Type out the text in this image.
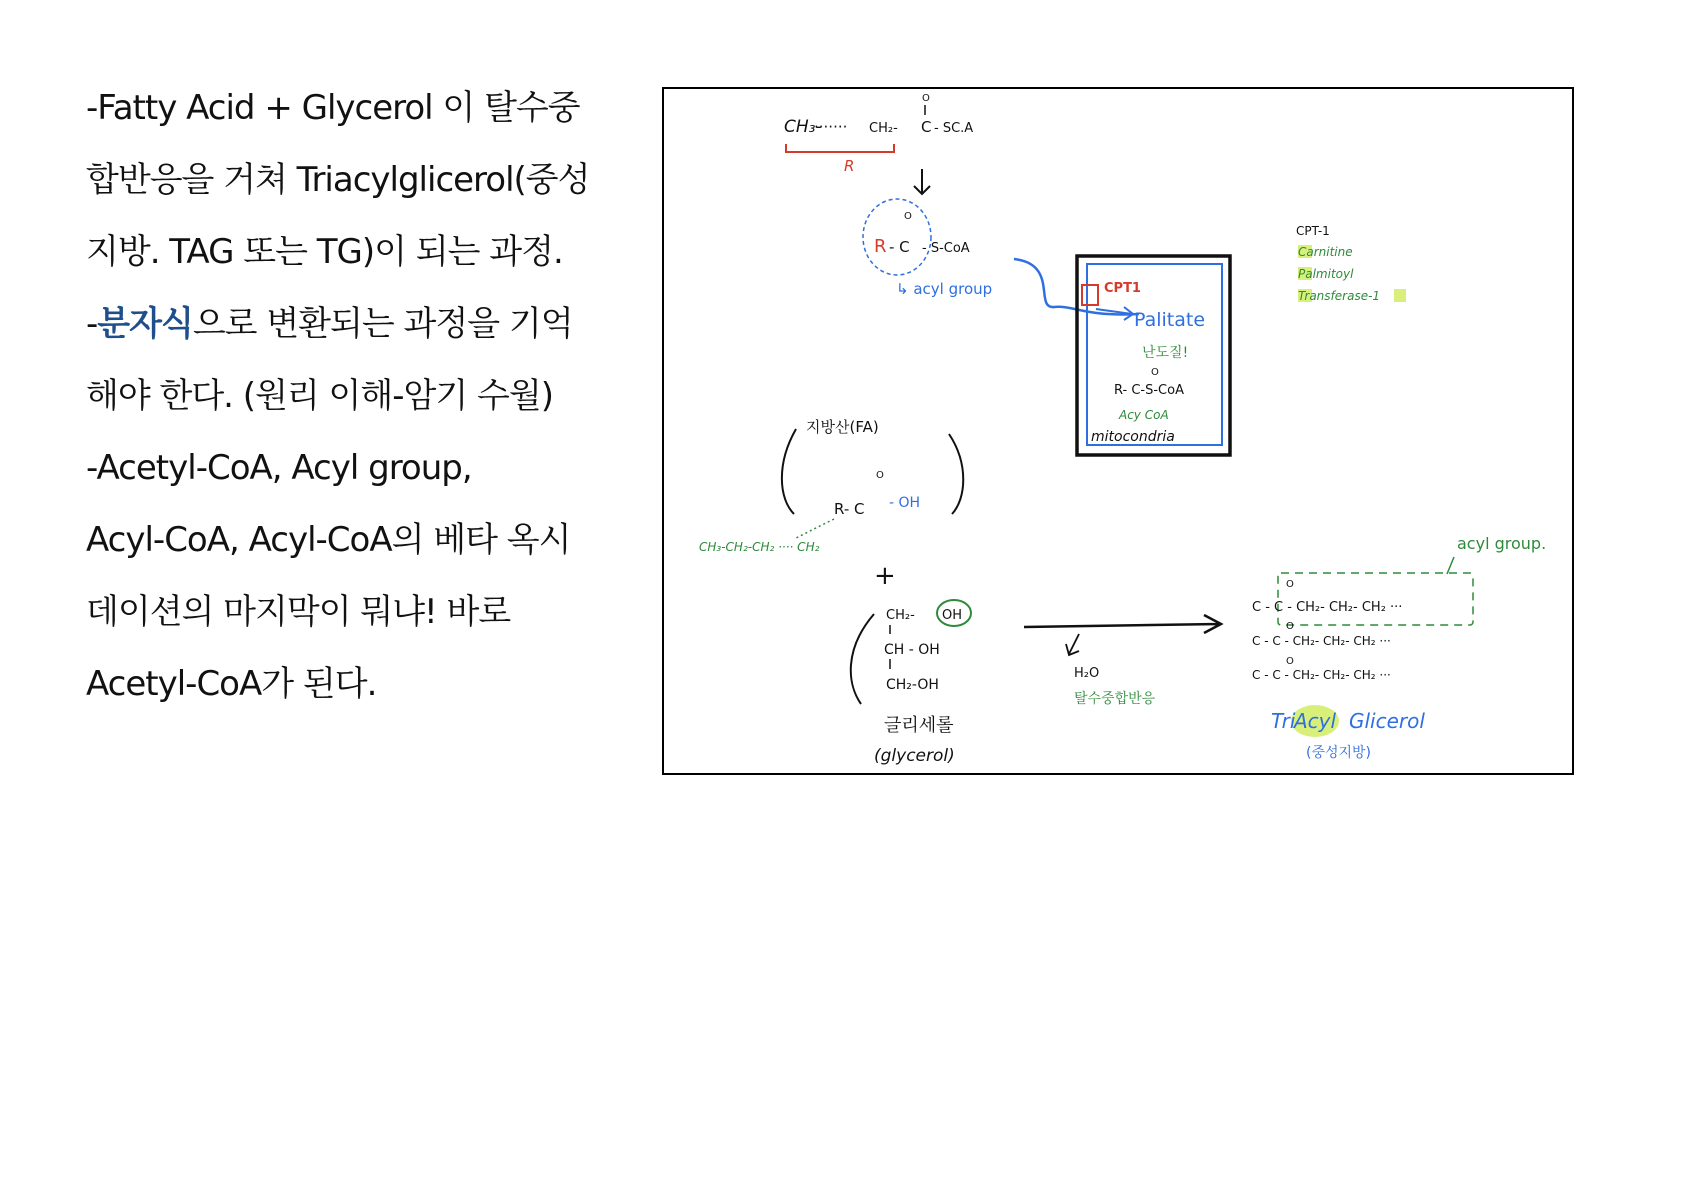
-Fatty Acid + Glycerol 이 탈수중
합반응을 거쳐 Triacylglicerol(중성
지방. TAG 또는 TG)이 되는 과정.
-분자식으로 변환되는 과정을 기억
해야 한다. (원리 이해-암기 수월)
-Acetyl-CoA, Acyl group,
Acyl-CoA, Acyl-CoA의 베타 옥시
데이션의 마지막이 뭐냐! 바로
Acetyl-CoA가 된다.
CH₃-
······· CH₂- C
O
- SC.A
R
R - C
O
- S-CoA
↳ acyl group
CPT-1
Carnitine
Palmitoyl
Transferase-1
CPT1
Palitate
난도질!
O
R- C-S-CoA
Acy CoA
mitocondria
지방산(FA)
O
R- C - OH
CH₃-CH₂-CH₂ ···· CH₂
+
CH₂- OH
CH - OH
CH₂-OH
글리세롤
(glycerol)
H₂O
탈수중합반응
acyl group.
O
C - C - CH₂- CH₂- CH₂ ···
O
C - C - CH₂- CH₂- CH₂ ···
O
C - C - CH₂- CH₂- CH₂ ···
Tri
Acyl Glicerol
(중성지방)
